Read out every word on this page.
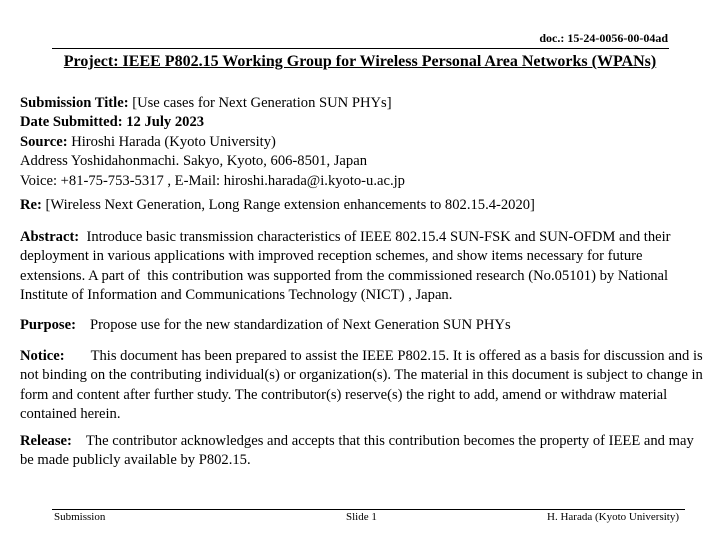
doc.: 15-24-0056-00-04ad
Project: IEEE P802.15 Working Group for Wireless Personal Area Networks (WPANs)
Submission Title: [Use cases for Next Generation SUN PHYs]
Date Submitted: 12 July 2023
Source: Hiroshi Harada (Kyoto University)
Address Yoshidahonmachi. Sakyo, Kyoto, 606-8501, Japan
Voice: +81-75-753-5317 , E-Mail: hiroshi.harada@i.kyoto-u.ac.jp
Re: [Wireless Next Generation, Long Range extension enhancements to 802.15.4-2020]
Abstract:  Introduce basic transmission characteristics of IEEE 802.15.4 SUN-FSK and SUN-OFDM and their deployment in various applications with improved reception schemes, and show items necessary for future extensions. A part of  this contribution was supported from the commissioned research (No.05101) by National Institute of Information and Communications Technology (NICT) , Japan.
Purpose: Propose use for the new standardization of Next Generation SUN PHYs
Notice: This document has been prepared to assist the IEEE P802.15. It is offered as a basis for discussion and is not binding on the contributing individual(s) or organization(s). The material in this document is subject to change in form and content after further study. The contributor(s) reserve(s) the right to add, amend or withdraw material contained herein.
Release: The contributor acknowledges and accepts that this contribution becomes the property of IEEE and may be made publicly available by P802.15.
Submission	Slide 1	H. Harada (Kyoto University)
